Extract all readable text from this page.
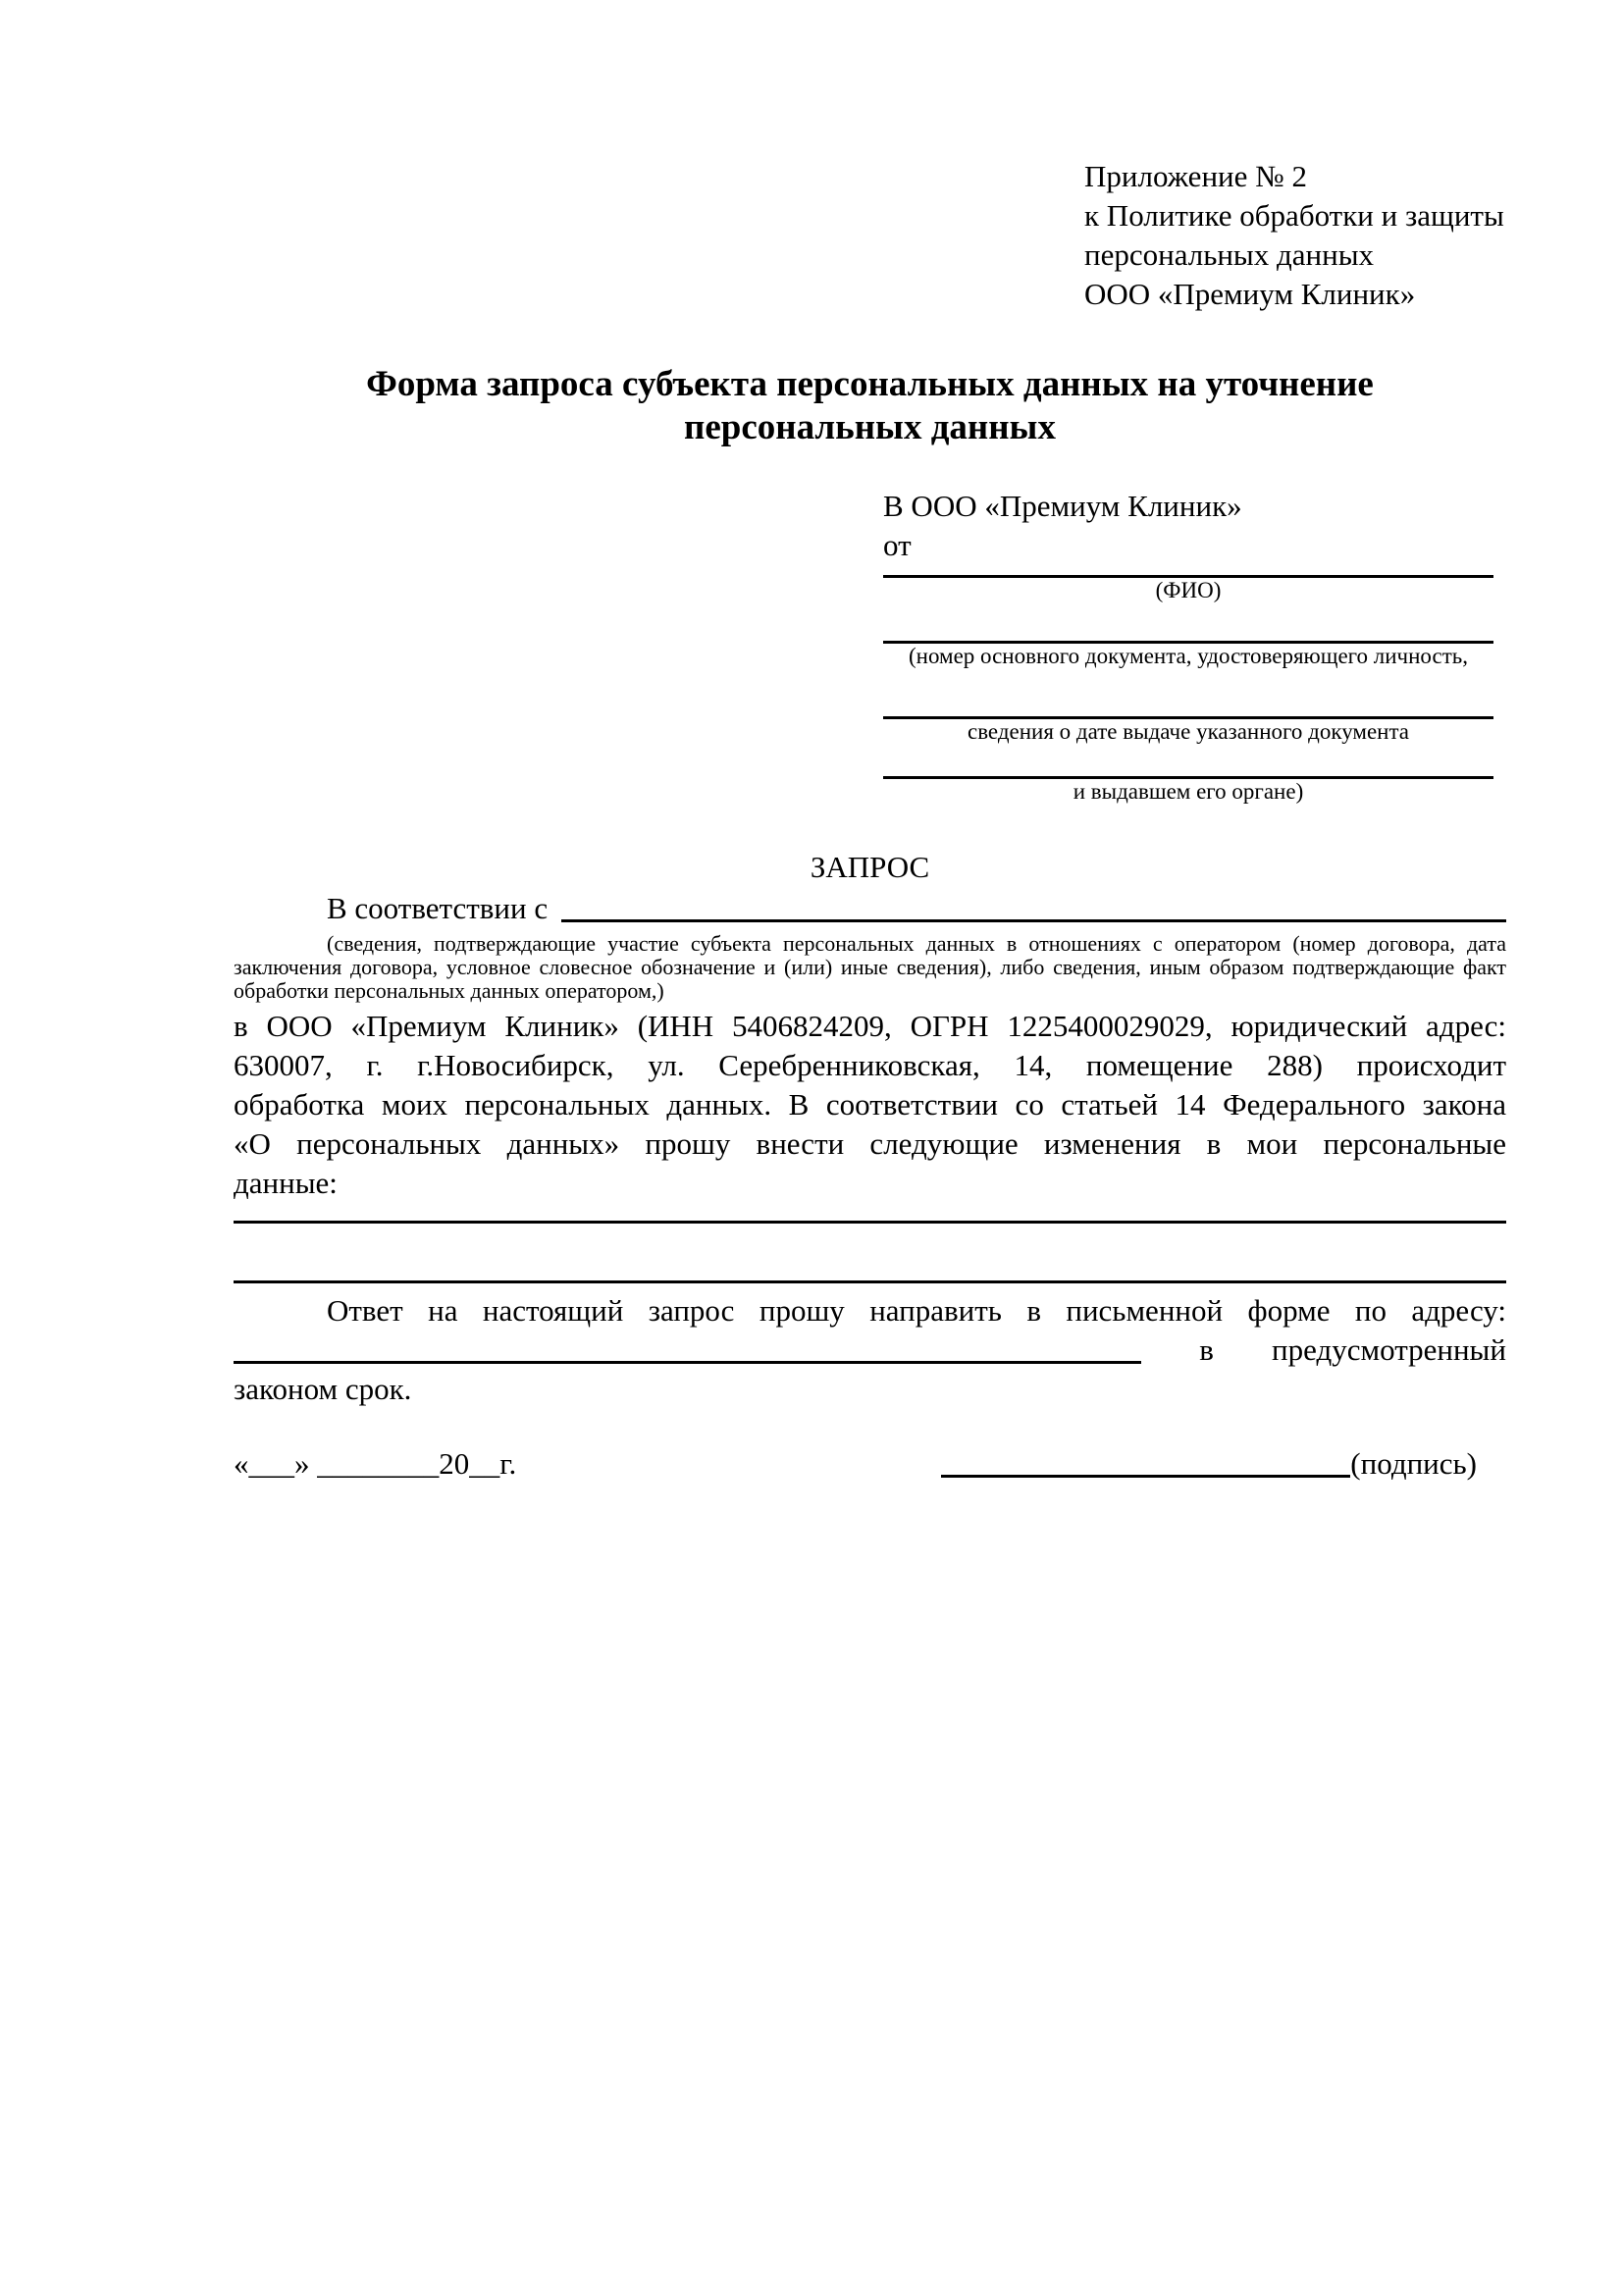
Приложение № 2
к Политике обработки и защиты
персональных данных
ООО «Премиум Клиник»
Форма запроса субъекта персональных данных на уточнение
персональных данных
В ООО «Премиум Клиник»
от
(ФИО)
(номер основного документа, удостоверяющего личность,
сведения о дате выдаче указанного документа
и выдавшем его органе)
ЗАПРОС
В соответствии с
(сведения, подтверждающие участие субъекта персональных данных в отношениях с оператором (номер договора, дата
заключения договора, условное словесное обозначение и (или) иные сведения), либо сведения, иным образом подтверждающие факт
обработки персональных данных оператором,)
в ООО «Премиум Клиник» (ИНН 5406824209, ОГРН 1225400029029, юридический адрес:
630007, г. г.Новосибирск, ул. Серебренниковская, 14, помещение 288) происходит
обработка моих персональных данных. В соответствии со статьей 14 Федерального закона
«О персональных данных» прошу внести следующие изменения в мои персональные
данные:
Ответ на настоящий запрос прошу направить в письменной форме по адресу:
в предусмотренный
законом срок.
«___» ________20__г.	(подпись)
